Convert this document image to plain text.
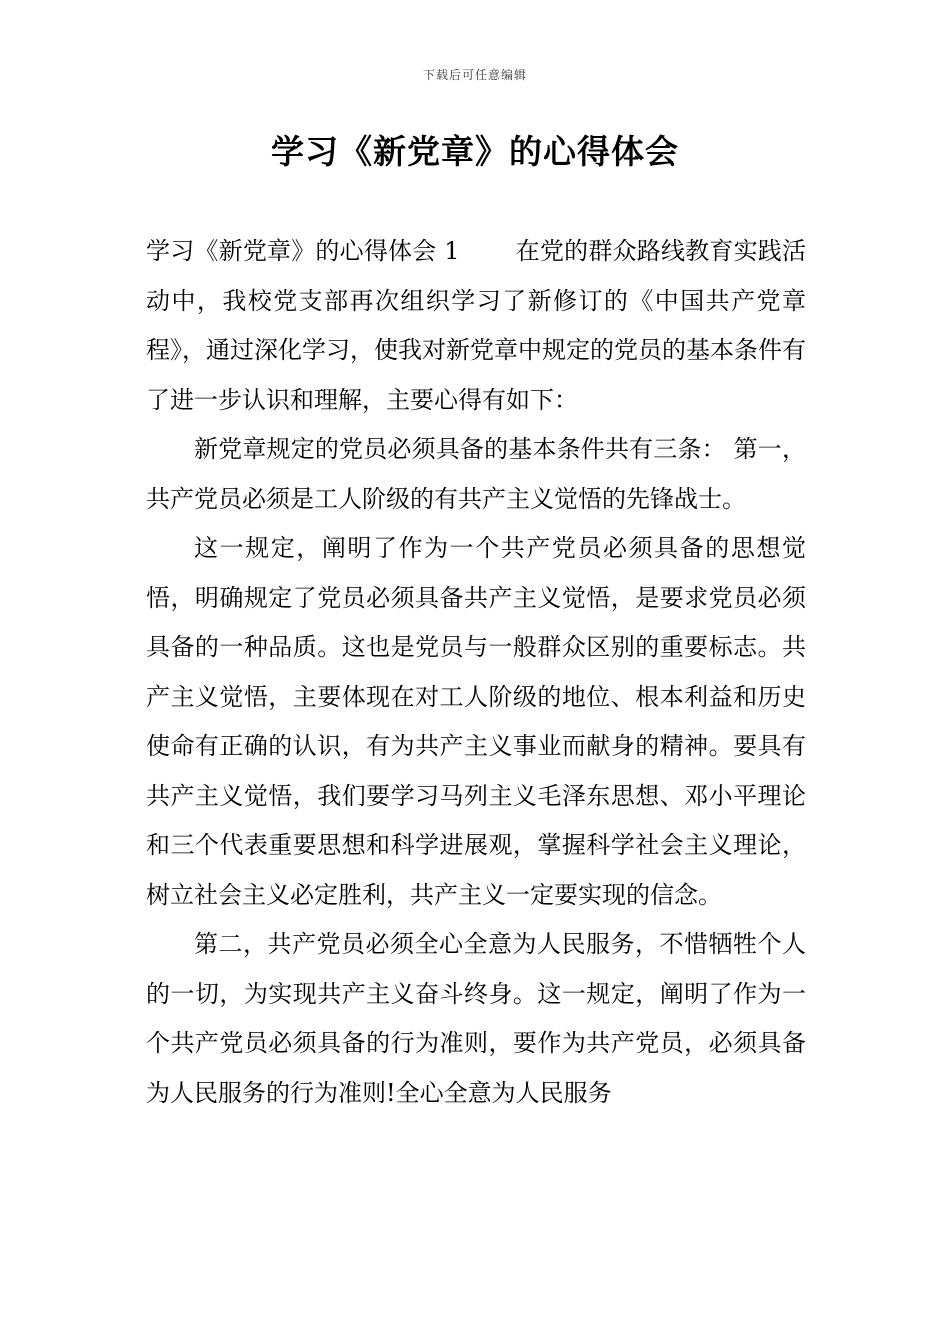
下载后可任意编辑
学习《新党章》的心得体会

学习《新党章》的心得体会 1 在党的群众路线教育实践活动中，我校党支部再次组织学习了新修订的《中国共产党章程》，通过深化学习，使我对新党章中规定的党员的基本条件有了进一步认识和理解，主要心得有如下：

新党章规定的党员必须具备的基本条件共有三条： 第一，共产党员必须是工人阶级的有共产主义觉悟的先锋战士。

这一规定，阐明了作为一个共产党员必须具备的思想觉悟，明确规定了党员必须具备共产主义觉悟，是要求党员必须具备的一种品质。这也是党员与一般群众区别的重要标志。共产主义觉悟，主要体现在对工人阶级的地位、根本利益和历史使命有正确的认识，有为共产主义事业而献身的精神。要具有共产主义觉悟，我们要学习马列主义毛泽东思想、邓小平理论和三个代表重要思想和科学进展观，掌握科学社会主义理论，树立社会主义必定胜利，共产主义一定要实现的信念。

第二，共产党员必须全心全意为人民服务，不惜牺牲个人的一切，为实现共产主义奋斗终身。这一规定，阐明了作为一个共产党员必须具备的行为准则，要作为共产党员，必须具备为人民服务的行为准则!全心全意为人民服务
